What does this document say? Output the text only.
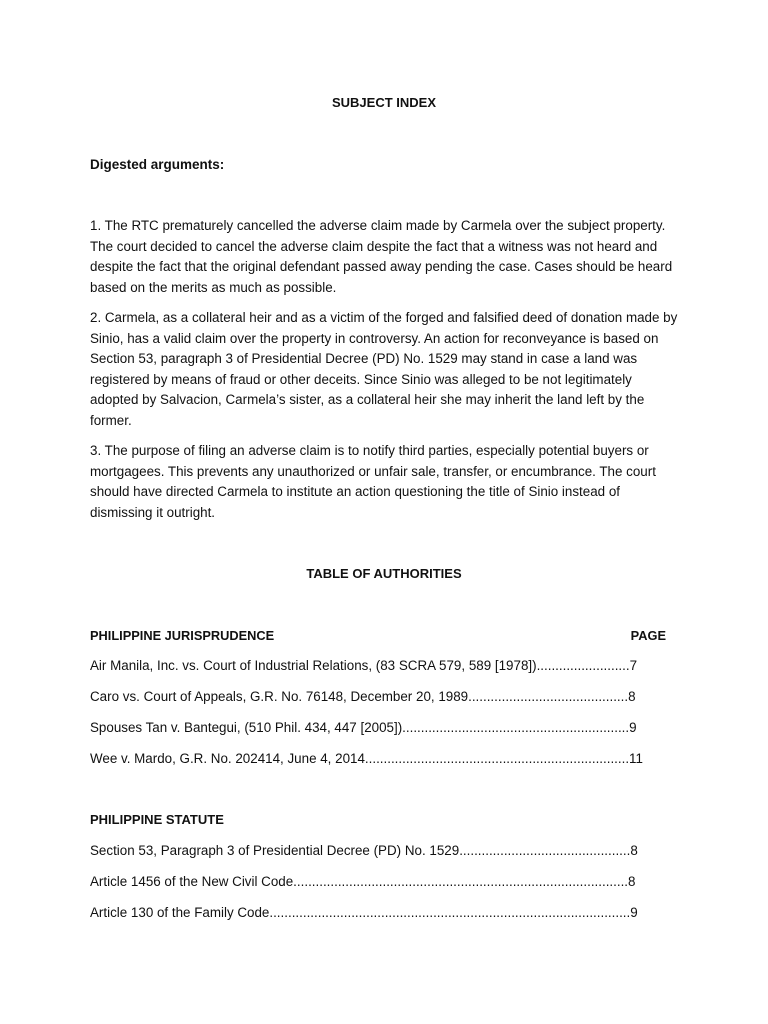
SUBJECT INDEX
Digested arguments:

1. The RTC prematurely cancelled the adverse claim made by Carmela over the subject property. The court decided to cancel the adverse claim despite the fact that a witness was not heard and despite the fact that the original defendant passed away pending the case. Cases should be heard based on the merits as much as possible.

2. Carmela, as a collateral heir and as a victim of the forged and falsified deed of donation made by Sinio, has a valid claim over the property in controversy. An action for reconveyance is based on Section 53, paragraph 3 of Presidential Decree (PD) No. 1529 may stand in case a land was registered by means of fraud or other deceits. Since Sinio was alleged to be not legitimately adopted by Salvacion, Carmela’s sister, as a collateral heir she may inherit the land left by the former.

3. The purpose of filing an adverse claim is to notify third parties, especially potential buyers or mortgagees. This prevents any unauthorized or unfair sale, transfer, or encumbrance. The court should have directed Carmela to institute an action questioning the title of Sinio instead of dismissing it outright.

TABLE OF AUTHORITIES
PHILIPPINE JURISPRUDENCE	PAGE
Air Manila, Inc. vs. Court of Industrial Relations, (83 SCRA 579, 589 [1978]).........................7
Caro vs. Court of Appeals, G.R. No. 76148, December 20, 1989...........................................8
Spouses Tan v. Bantegui, (510 Phil. 434, 447 [2005]).............................................................9
Wee v. Mardo, G.R. No. 202414, June 4, 2014.......................................................................11
PHILIPPINE STATUTE
Section 53, Paragraph 3 of Presidential Decree (PD) No. 1529..............................................8
Article 1456 of the New Civil Code..........................................................................................8
Article 130 of the Family Code.................................................................................................9
